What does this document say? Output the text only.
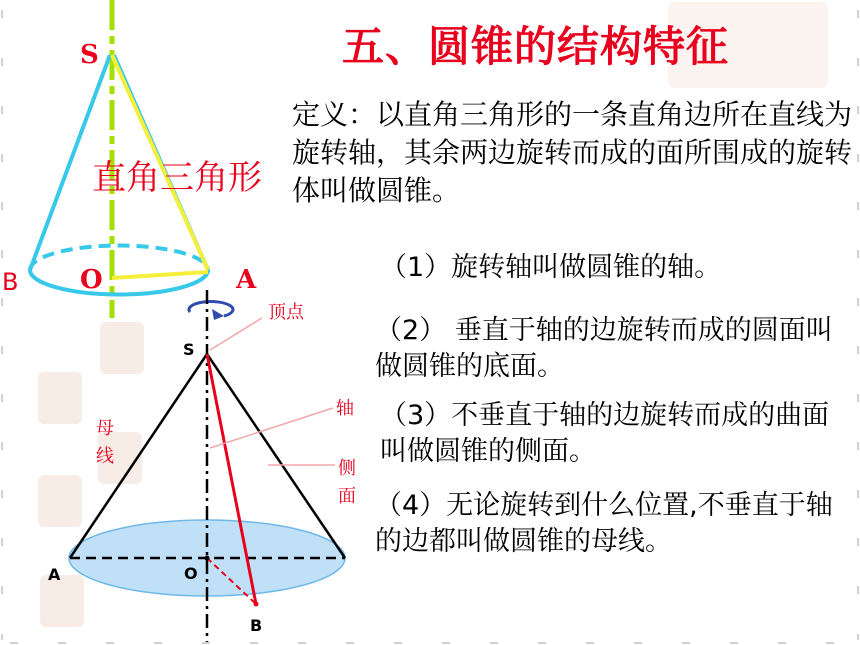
五、圆锥的结构特征
定义：以直角三角形的一条直角边所在直线为旋转轴，其余两边旋转而成的面所围成的旋转体叫做圆锥。
（1）旋转轴叫做圆锥的轴。
（2） 垂直于轴的边旋转而成的圆面叫做圆锥的底面。
（3）不垂直于轴的边旋转而成的曲面叫做圆锥的侧面。
（4）无论旋转到什么位置,不垂直于轴的边都叫做圆锥的母线。
S
O	A
B
直角三角形
顶点
S
轴
母
线
侧
面
A	O
B
